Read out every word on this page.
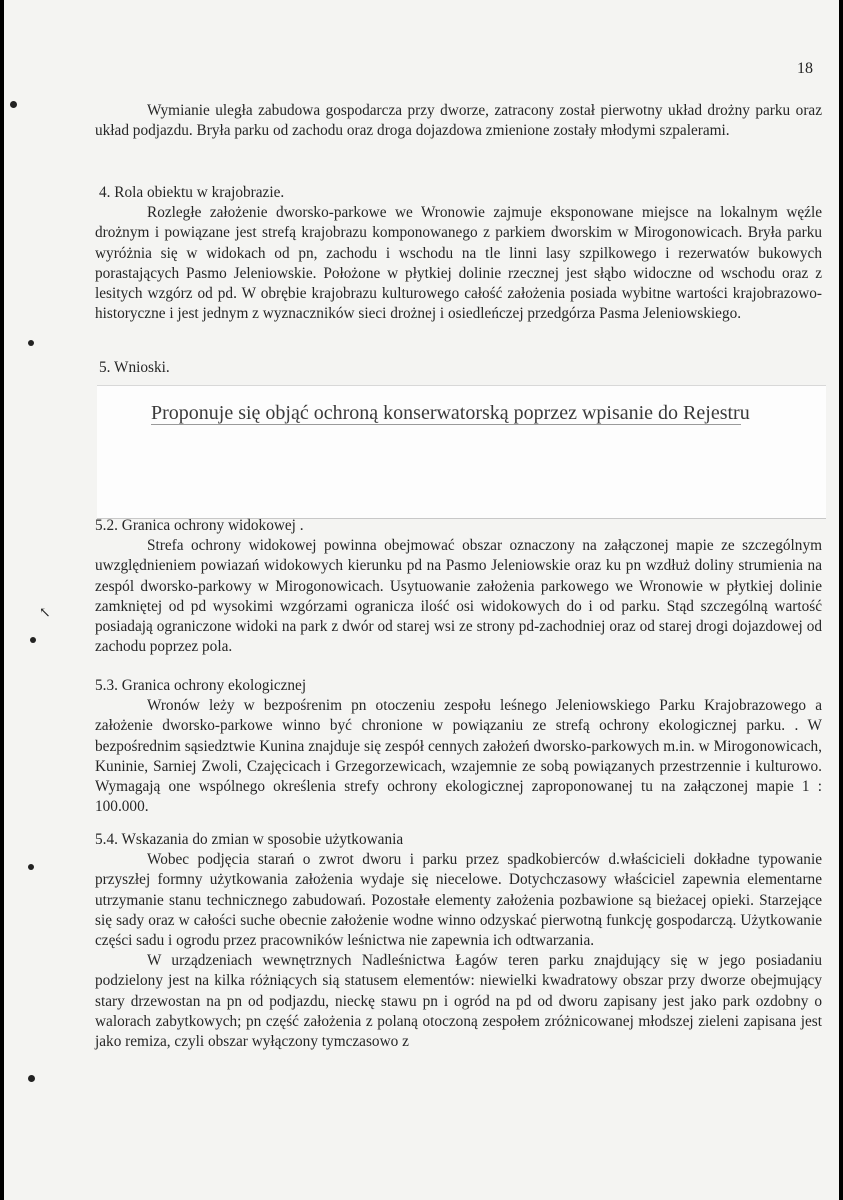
18
↖

Wymianie uległa zabudowa gospodarcza przy dworze, zatracony został pierwotny układ drożny parku oraz układ podjazdu. Bryła parku od zachodu oraz droga dojazdowa zmienione zostały młodymi szpalerami.

4. Rola obiektu w krajobrazie.

Rozległe założenie dworsko-parkowe we Wronowie zajmuje eksponowane miejsce na lokalnym węźle drożnym i powiązane jest strefą krajobrazu komponowanego z parkiem dworskim w Mirogonowicach. Bryła parku wyróżnia się w widokach od pn, zachodu i wschodu na tle linni lasy szpilkowego i rezerwatów bukowych porastających Pasmo Jeleniowskie. Położone w płytkiej dolinie rzecznej jest słąbo widoczne od wschodu oraz z lesitych wzgórz od pd. W obrębie krajobrazu kulturowego całość założenia posiada wybitne wartości krajobrazowo-historyczne i jest jednym z wyznaczników sieci drożnej i osiedleńczej przedgórza Pasma Jeleniowskiego.

5. Wnioski.

Proponuje się objąć ochroną konserwatorską poprzez wpisanie do Rejestru

5.2. Granica ochrony widokowej .

Strefa ochrony widokowej powinna obejmować obszar oznaczony na załączonej mapie ze szczególnym uwzględnieniem powiazań widokowych kierunku pd na Pasmo Jeleniowskie oraz ku pn wzdłuż doliny strumienia na zespól dworsko-parkowy w Mirogonowicach. Usytuowanie założenia parkowego we Wronowie w płytkiej dolinie zamkniętej od pd wysokimi wzgórzami ogranicza ilość osi widokowych do i od parku. Stąd szczególną wartość posiadają ograniczone widoki na park z dwór od starej wsi ze strony pd-zachodniej oraz od starej drogi dojazdowej od zachodu poprzez pola.

5.3. Granica ochrony ekologicznej

Wronów leży w bezpośrenim pn otoczeniu zespołu leśnego Jeleniowskiego Parku Krajobrazowego a założenie dworsko-parkowe winno być chronione w powiązaniu ze strefą ochrony ekologicznej parku. . W bezpośrednim sąsiedztwie Kunina znajduje się zespół cennych założeń dworsko-parkowych m.in. w Mirogonowicach, Kuninie, Sarniej Zwoli, Czajęcicach i Grzegorzewicach, wzajemnie ze sobą powiązanych przestrzennie i kulturowo. Wymagają one wspólnego określenia strefy ochrony ekologicznej zaproponowanej tu na załączonej mapie 1 : 100.000.

5.4. Wskazania do zmian w sposobie użytkowania

Wobec podjęcia starań o zwrot dworu i parku przez spadkobierców d.właścicieli dokładne typowanie przyszłej formny użytkowania założenia wydaje się niecelowe. Dotychczasowy właściciel zapewnia elementarne utrzymanie stanu technicznego zabudowań. Pozostałe elementy założenia pozbawione są bieżacej opieki. Starzejące się sady oraz w całości suche obecnie założenie wodne winno odzyskać pierwotną funkcję gospodarczą. Użytkowanie części sadu i ogrodu przez pracowników leśnictwa nie zapewnia ich odtwarzania.

W urządzeniach wewnętrznych Nadleśnictwa Łagów teren parku znajdujący się w jego posiadaniu podzielony jest na kilka różniących sią statusem elementów: niewielki kwadratowy obszar przy dworze obejmujący stary drzewostan na pn od podjazdu, nieckę stawu pn i ogród na pd od dworu zapisany jest jako park ozdobny o walorach zabytkowych; pn część założenia z polaną otoczoną zespołem zróżnicowanej młodszej zieleni zapisana jest jako remiza, czyli obszar wyłączony tymczasowo z
